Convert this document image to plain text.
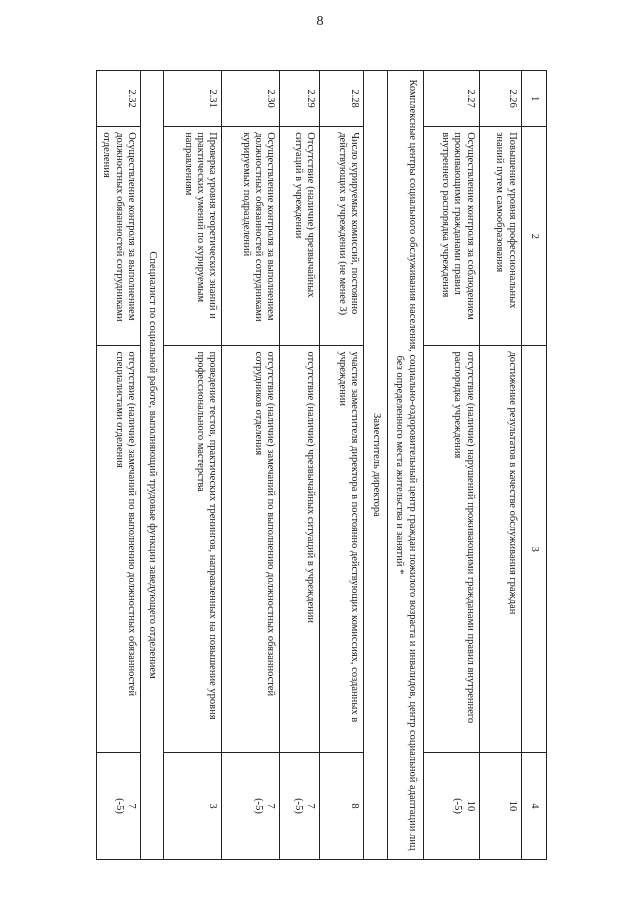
8
1	2	3	4
2.26	Повышение уровня профессиональных знаний путем самообразования	достижение результатов в качестве обслуживания граждан	10
2.27	Осуществление контроля за соблюдением проживающими гражданами правил внутреннего распорядка учреждения	отсутствие (наличие) нарушений проживающими гражданами правил внутреннего распорядка учреждения	10
(-5)
Комплексные центры социального обслуживания населения, социально-оздоровительный центр граждан пожилого возраста и инвалидов, центр социальной адаптации лиц без определенного места жительства и занятий *			
Заместитель директора			
2.28	Число курируемых комиссий, постоянно действующих в учреждении (не менее 3)	участие заместителя директора в постоянно действующих комиссиях, созданных в учреждении	8
2.29	Отсутствие (наличие) чрезвычайных ситуаций в учреждении	отсутствие (наличие) чрезвычайных ситуаций в учреждении	7
(-5)
2.30	Осуществление контроля за выполнением должностных обязанностей сотрудниками курируемых подразделений	отсутствие (наличие) замечаний по выполнению должностных обязанностей сотрудников отделения	7
(-5)
2.31	Проверка уровня теоретических знаний и практических умений по курируемым направлениям	проведение тестов, практических тренингов, направленных на повышение уровня профессионального мастерства	3
Специалист по социальной работе, выполняющий трудовые функции заведующего отделением			
2.32	Осуществление контроля за выполнением должностных обязанностей сотрудниками отделения	отсутствие (наличие) замечаний по выполнению должностных обязанностей специалистами отделения	7
(-5)
